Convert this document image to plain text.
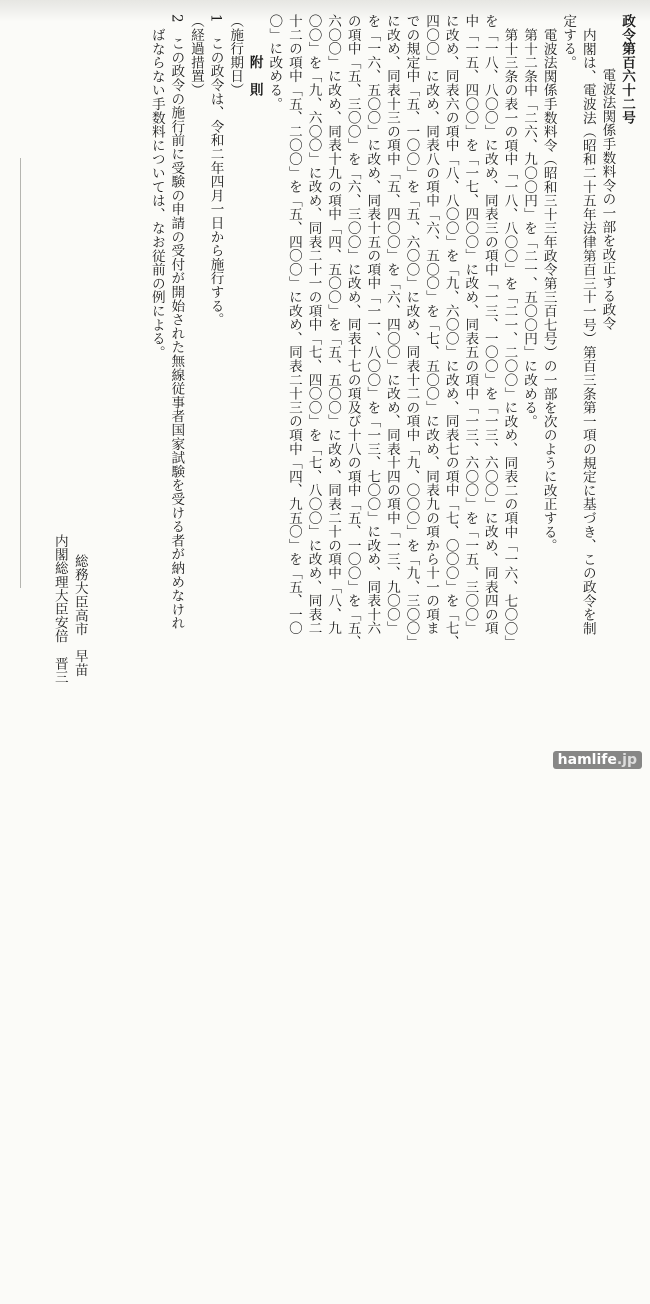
政令第百六十二号

電波法関係手数料令の一部を改正する政令

内閣は、電波法（昭和二十五年法律第百三十一号）第百三条第一項の規定に基づき、この政令を制

定する。

電波法関係手数料令（昭和三十三年政令第三百七号）の一部を次のように改正する。

第十二条中「二六、九〇〇円」を「二一、五〇〇円」に改める。

第十三条の表一の項中「一八、八〇〇」を「二一、二〇〇」に改め、同表二の項中「一六、七〇〇」

を「一八、八〇〇」に改め、同表三の項中「一三、一〇〇」を「一三、六〇〇」に改め、同表四の項

中「一五、四〇〇」を「一七、四〇〇」に改め、同表五の項中「一三、六〇〇」を「一五、三〇〇」

に改め、同表六の項中「八、八〇〇」を「九、六〇〇」に改め、同表七の項中「七、〇〇〇」を「七、

四〇〇」に改め、同表八の項中「六、五〇〇」を「七、五〇〇」に改め、同表九の項から十一の項ま

での規定中「五、一〇〇」を「五、六〇〇」に改め、同表十二の項中「九、〇〇〇」を「九、三〇〇」

に改め、同表十三の項中「五、四〇〇」を「六、四〇〇」に改め、同表十四の項中「一三、九〇〇」

を「一六、五〇〇」に改め、同表十五の項中「一一、八〇〇」を「一三、七〇〇」に改め、同表十六

の項中「五、三〇〇」を「六、三〇〇」に改め、同表十七の項及び十八の項中「五、一〇〇」を「五、

六〇〇」に改め、同表十九の項中「四、五〇〇」を「五、五〇〇」に改め、同表二十の項中「八、九

〇〇」を「九、六〇〇」に改め、同表二十一の項中「七、四〇〇」を「七、八〇〇」に改め、同表二

十二の項中「五、二〇〇」を「五、四〇〇」に改め、同表二十三の項中「四、九五〇」を「五、一〇

〇」に改める。

附　則

（施行期日）

1　この政令は、令和二年四月一日から施行する。

（経過措置）

2　この政令の施行前に受験の申請の受付が開始された無線従事者国家試験を受ける者が納めなけれ

ばならない手数料については、なお従前の例による。

総務大臣高市　早苗

内閣総理大臣安倍　晋三

hamlife.jp
